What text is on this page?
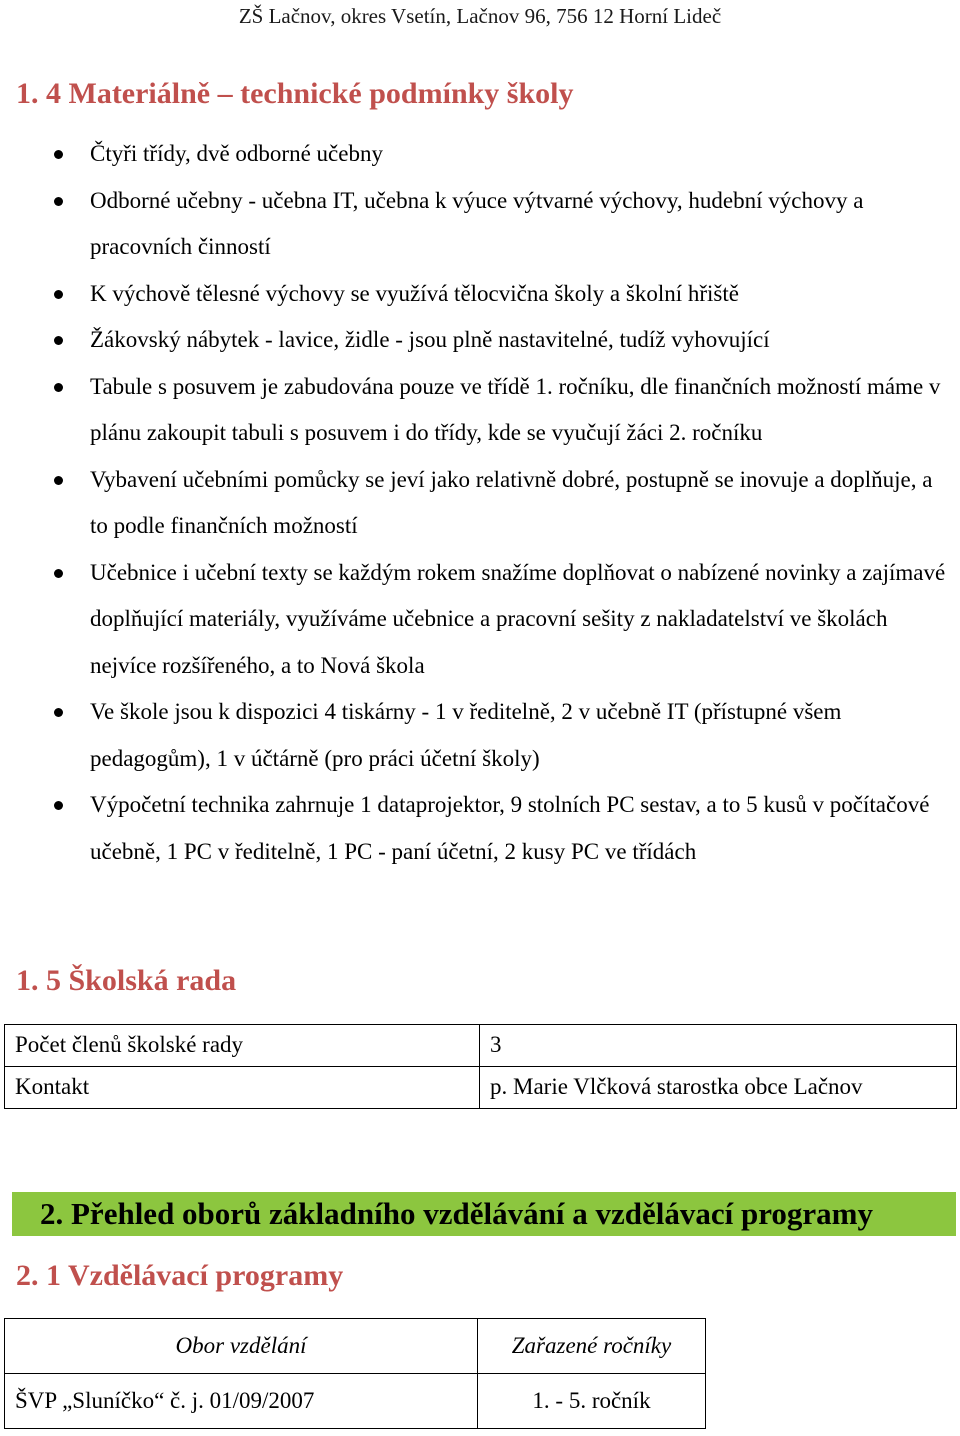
ZŠ Lačnov, okres Vsetín, Lačnov 96, 756 12 Horní Lideč
1. 4 Materiálně – technické podmínky školy
Čtyři třídy, dvě odborné učebny
Odborné učebny - učebna IT, učebna k výuce výtvarné výchovy, hudební výchovy a pracovních činností
K výchově tělesné výchovy se využívá tělocvična školy a školní hřiště
Žákovský nábytek - lavice, židle - jsou plně nastavitelné, tudíž vyhovující
Tabule s posuvem je zabudována pouze ve třídě 1. ročníku, dle finančních možností máme v plánu zakoupit tabuli s posuvem i do třídy, kde se vyučují žáci 2. ročníku
Vybavení učebními pomůcky se jeví jako relativně dobré, postupně se inovuje a doplňuje, a to podle finančních možností
Učebnice i učební texty se každým rokem snažíme doplňovat o nabízené novinky a zajímavé doplňující materiály, využíváme učebnice a pracovní sešity z nakladatelství ve školách nejvíce rozšířeného, a to Nová škola
Ve škole jsou k dispozici 4 tiskárny - 1 v ředitelně, 2 v učebně IT (přístupné všem pedagogům), 1 v účtárně (pro práci účetní školy)
Výpočetní technika zahrnuje 1 dataprojektor, 9 stolních PC sestav, a to 5 kusů v počítačové učebně, 1 PC v ředitelně, 1 PC - paní účetní, 2 kusy PC ve třídách
1. 5 Školská rada
Počet členů školské rady	3
Kontakt	p. Marie Vlčková starostka obce Lačnov
2. Přehled oborů základního vzdělávání a vzdělávací programy
2. 1 Vzdělávací programy
Obor vzdělání	Zařazené ročníky
ŠVP „Sluníčko“ č. j. 01/09/2007	1. - 5. ročník
